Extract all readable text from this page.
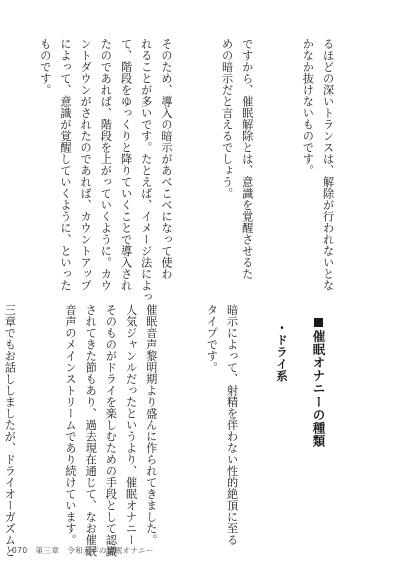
るほどの深いトランスは、解除が行われないとな
かなか抜けないものです。

ですから、催眠解除とは、意識を覚醒させるた
めの暗示だと言えるでしょう。

そのため、導入の暗示があべこべになって使わ
れることが多いです。たとえば、イメージ法によっ
て、階段をゆっくりと降りていくことで導入され
たのであれば、階段を上がっていくように。カウ
ントダウンがされたのであれば、カウントアップ
によって、意識が覚醒していくように、といった
ものです。

催眠オナニーの種類

・ドライ系

暗示によって、射精を伴わない性的絶頂に至る
タイプです。

催眠音声黎明期より盛んに作られてきました。
人気ジャンルだったというより、催眠オナニー
そのものがドライを楽しむための手段として認識
されてきた節もあり、過去現在通じて、なお催眠
音声のメインストリームであり続けています。

三章でもお話ししましたが、ドライオーガズムと

070 第三章 令和元年の催眠オナニー
